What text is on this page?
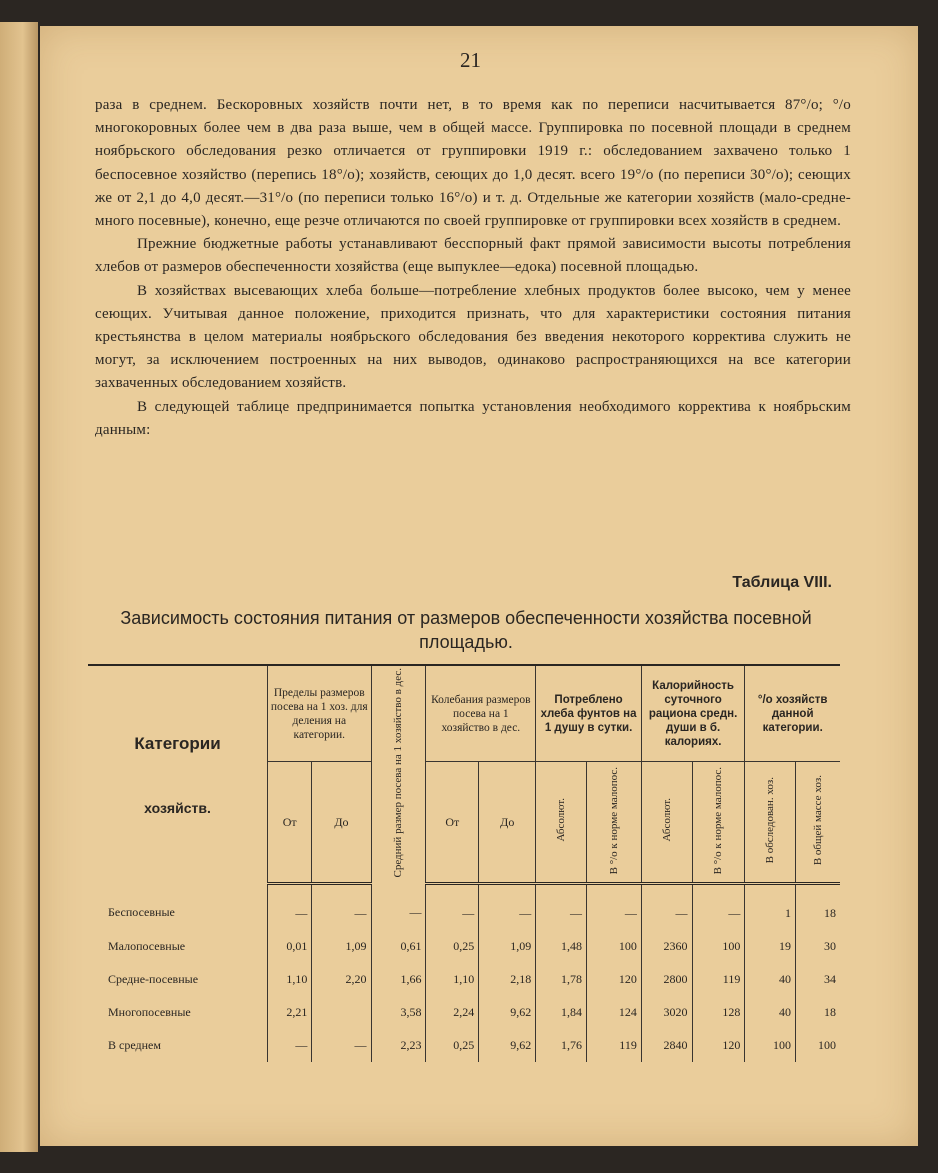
21

раза в среднем. Бескоровных хозяйств почти нет, в то время как по переписи насчитывается 87°/о; °/о многокоровных более чем в два раза выше, чем в общей массе. Группировка по посевной площади в среднем ноябрьского обследования резко отличается от группировки 1919 г.: обследованием захвачено только 1 беспосевное хозяйство (перепись 18°/о); хозяйств, сеющих до 1,0 десят. всего 19°/о (по переписи 30°/о); сеющих же от 2,1 до 4,0 десят.—31°/о (по переписи только 16°/о) и т. д. Отдельные же категории хозяйств (мало-средне-много посевные), конечно, еще резче отличаются по своей группировке от группировки всех хозяйств в среднем.

Прежние бюджетные работы устанавливают бесспорный факт прямой зависимости высоты потребления хлебов от размеров обеспеченности хозяйства (еще выпуклее—едока) посевной площадью.

В хозяйствах высевающих хлеба больше—потребление хлебных продуктов более высоко, чем у менее сеющих. Учитывая данное положение, приходится признать, что для характеристики состояния питания крестьянства в целом материалы ноябрьского обследования без введения некоторого корректива служить не могут, за исключением построенных на них выводов, одинаково распространяющихся на все категории захваченных обследованием хозяйств.

В следующей таблице предпринимается попытка установления необходимого корректива к ноябрьским данным:

Таблица VIII.
Зависимость состояния питания от размеров обеспеченности хозяйства посевной площадью.
Категории
хозяйств.	Пределы размеров посева на 1 хоз. для деления на категории.		Средний размер посева на 1 хозяйство в дес.	Колебания размеров посева на 1 хозяйство в дес.		Потреблено хлеба фунтов на 1 душу в сутки.		Калорийность суточного рациона средн. души в б. калориях.		°/о хозяйств данной категории.	

	От	До		От	До	Абсолют.	В °/о к норме малопос.	Абсолют.	В °/о к норме малопос.	В обследован. хоз.	В общей массе хоз.
Беспосевные	—	—	—	—	—	—	—	—	—	1	18
Малопосевные	0,01	1,09	0,61	0,25	1,09	1,48	100	2360	100	19	30
Средне-посевные	1,10	2,20	1,66	1,10	2,18	1,78	120	2800	119	40	34
Многопосевные	2,21		3,58	2,24	9,62	1,84	124	3020	128	40	18
В среднем	—	—	2,23	0,25	9,62	1,76	119	2840	120	100	100
